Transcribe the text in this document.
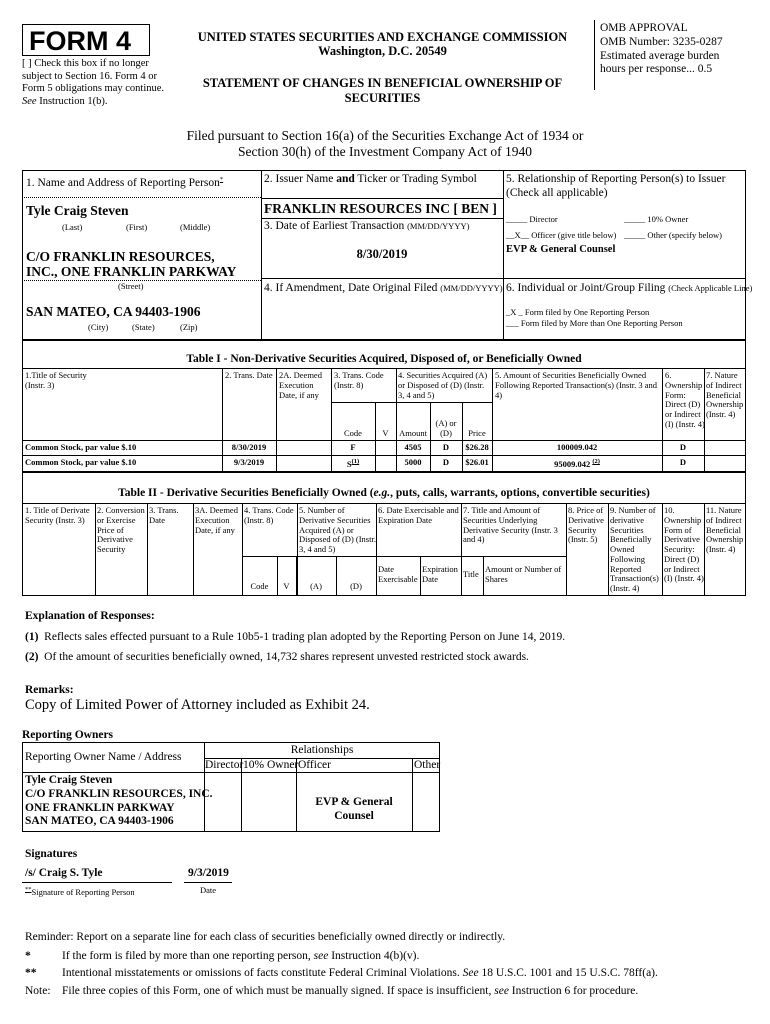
FORM 4
[ ] Check this box if no longer subject to Section 16. Form 4 or Form 5 obligations may continue. See Instruction 1(b).
UNITED STATES SECURITIES AND EXCHANGE COMMISSION
Washington, D.C. 20549
STATEMENT OF CHANGES IN BENEFICIAL OWNERSHIP OF SECURITIES
OMB APPROVAL
OMB Number: 3235-0287
Estimated average burden
hours per response... 0.5
Filed pursuant to Section 16(a) of the Securities Exchange Act of 1934 or
Section 30(h) of the Investment Company Act of 1940
1. Name and Address of Reporting Person*
Tyle Craig Steven
(Last)	(First)	(Middle)
C/O FRANKLIN RESOURCES,
INC., ONE FRANKLIN PARKWAY
(Street)
SAN MATEO, CA 94403-1906
(City)	(State)	(Zip)
2. Issuer Name and Ticker or Trading Symbol
FRANKLIN RESOURCES INC [ BEN ]
3. Date of Earliest Transaction (MM/DD/YYYY)
8/30/2019
4. If Amendment, Date Original Filed (MM/DD/YYYY)
5. Relationship of Reporting Person(s) to Issuer
(Check all applicable)
_____ Director	_____ 10% Owner
__X__ Officer (give title below) _____ Other (specify below)
EVP & General Counsel
6. Individual or Joint/Group Filing (Check Applicable Line)
_X _ Form filed by One Reporting Person
___ Form filed by More than One Reporting Person
Table I - Non-Derivative Securities Acquired, Disposed of, or Beneficially Owned
1.Title of Security (Instr. 3)
2. Trans. Date 2A. Deemed Execution Date, if any
3. Trans. Code (Instr. 8)
4. Securities Acquired (A) or Disposed of (D) (Instr. 3, 4 and 5)
5. Amount of Securities Beneficially Owned Following Reported Transaction(s) (Instr. 3 and 4)
6. Ownership Form: Direct (D) or Indirect (I) (Instr. 4)
7. Nature of Indirect Beneficial Ownership (Instr. 4)
Code	V	Amount
(A) or (D)	Price
Common Stock, par value $.10	8/30/2019	F	4505	D	$26.28	100009.042	D
Common Stock, par value $.10	9/3/2019	$S^{(1)}$	5000	D	$26.01	95009.042 $^{(2)}$	D
Table II - Derivative Securities Beneficially Owned (e.g., puts, calls, warrants, options, convertible securities)
1. Title of Derivate Security (Instr. 3)
2. Conversion or Exercise Price of Derivative Security
3. Trans. Date
3A. Deemed Execution Date, if any
4. Trans. Code (Instr. 8)
5. Number of Derivative Securities Acquired (A) or Disposed of (D) (Instr. 3, 4 and 5)
6. Date Exercisable and Expiration Date
7. Title and Amount of Securities Underlying Derivative Security (Instr. 3 and 4)
8. Price of Derivative Security (Instr. 5)
9. Number of derivative Securities Beneficially Owned Following Reported Transaction(s) (Instr. 4)
10. Ownership Form of Derivative Security: Direct (D) or Indirect (I) (Instr. 4)
11. Nature of Indirect Beneficial Ownership (Instr. 4)
Code	V	(A)	(D)
Date Exercisable
Expiration Date	Title Amount or Number of Shares
Explanation of Responses:
(1) Reflects sales effected pursuant to a Rule 10b5-1 trading plan adopted by the Reporting Person on June 14, 2019.
(2) Of the amount of securities beneficially owned, 14,732 shares represent unvested restricted stock awards.
Remarks:
Copy of Limited Power of Attorney included as Exhibit 24.
Reporting Owners
Reporting Owner Name / Address
Relationships
Director 10% Owner Officer	Other
Tyle Craig Steven
C/O FRANKLIN RESOURCES, INC.
ONE FRANKLIN PARKWAY
SAN MATEO, CA 94403-1906
EVP & General Counsel
Signatures
/s/ Craig S. Tyle	9/3/2019
**Signature of Reporting Person	Date
Reminder: Report on a separate line for each class of securities beneficially owned directly or indirectly.
*	If the form is filed by more than one reporting person, see Instruction 4(b)(v).
** Intentional misstatements or omissions of facts constitute Federal Criminal Violations. See 18 U.S.C. 1001 and 15 U.S.C. 78ff(a).
Note: File three copies of this Form, one of which must be manually signed. If space is insufficient, see Instruction 6 for procedure.
